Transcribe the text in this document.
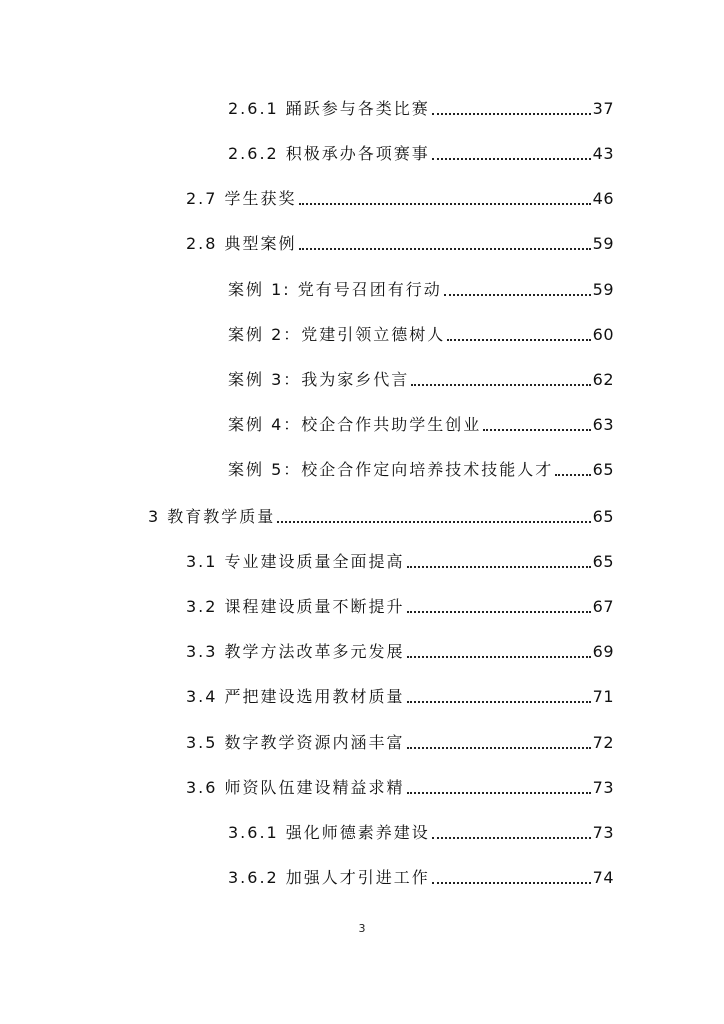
2.6.1 踊跃参与各类比赛	37
2.6.2 积极承办各项赛事	43
2.7 学生获奖	46
2.8 典型案例	59
案例 1: 党有号召团有行动	59
案例 2：党建引领立德树人	60
案例 3：我为家乡代言	62
案例 4：校企合作共助学生创业	63
案例 5：校企合作定向培养技术技能人才 65
3 教育教学质量	65
3.1 专业建设质量全面提高	65
3.2 课程建设质量不断提升	67
3.3 教学方法改革多元发展	69
3.4 严把建设选用教材质量	71
3.5 数字教学资源内涵丰富	72
3.6 师资队伍建设精益求精	73
3.6.1 强化师德素养建设	73
3.6.2 加强人才引进工作	74
3
